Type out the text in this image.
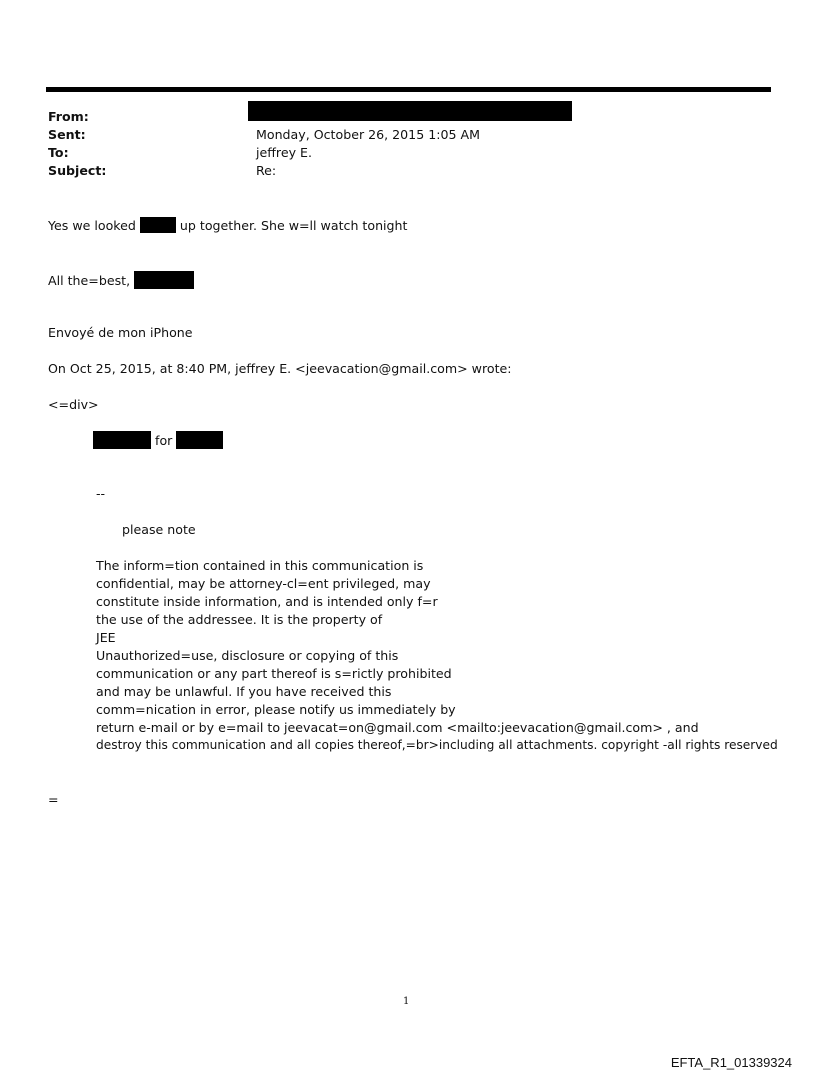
From:
Sent:	Monday, October 26, 2015 1:05 AM
To:	jeffrey E.
Subject:	Re:
Yes we looked	up together. She w=ll watch tonight
All the=best,
Envoyé de mon iPhone
On Oct 25, 2015, at 8:40 PM, jeffrey E. <jeevacation@gmail.com> wrote:
<=div>
for
--
please note
The inform=tion contained in this communication is
confidential, may be attorney-cl=ent privileged, may
constitute inside information, and is intended only f=r
the use of the addressee. It is the property of
JEE
Unauthorized=use, disclosure or copying of this
communication or any part thereof is s=rictly prohibited
and may be unlawful. If you have received this
comm=nication in error, please notify us immediately by
return e-mail or by e=mail to jeevacat=on@gmail.com <mailto:jeevacation@gmail.com> , and
destroy this communication and all copies thereof,=br>including all attachments. copyright -all rights reserved
=
1
EFTA_R1_01339324
